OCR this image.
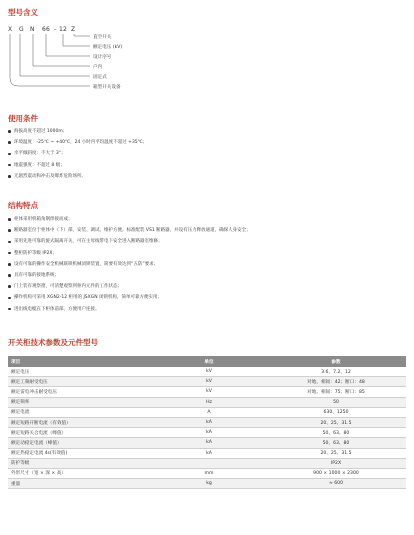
型号含义
X G N 66 - 12 Z
直空开关
额定电压 (kV)
设计序号
户内
固定式
箱型开关设备
使用条件
海拔高度不超过 1000m；
环境温度：-25℃ ~ +40℃，24 小时内平均温度不超过 +35℃；
水平倾斜度：不大于 3°；
地震强度：不超过 8 级；
无剧烈震动和冲击及爆炸危险场所。
结构特点
柜体采用机箱角钢焊接而成；
断路器室位于柜体中（下）部，安装、调试、维护方便。标准配装 VS1 断路器，并设有压力释放通道，确保人身安全；
采用先进可靠的旋式隔离开关，可在主母线带电下安全进入断路器室维修；
整柜防护等级 IP2X；
设有可靠的操作安全机械联锁机械闭锁装置，简要有效达到“五防”要求；
具有可靠的接地系统；
门上装有观察窗，可清楚观察到柜内元件的工作状态；
操作机构可采用 XGN2-12 柜用的 JSXGN 闭锁机构，简单可靠方便实用；
进出线电缆在下柜体前部，方便用户连接。
开关柜技术参数及元件型号
项目	单位	参数
额定电压	kV	3.6、7.2、12
额定工频耐受电压	kV	对地、相间：42；断口：48
额定雷电冲击耐受电压	kV	对地、相间：75；断口：85
额定频率	Hz	50
额定电流	A	630、1250
额定短路开断电流（有效值）	kA	20、25、31.5
额定短路关合电流（峰值）	kA	50、63、80
额定动稳定电流（峰值）	kA	50、63、80
额定热稳定电流 4s(有效值)	kA	20、25、31.5
防护等级		IP2X
外形尺寸（宽 × 深 × 高）	mm	900 × 1000 × 2300
重量	kg	≈ 600
